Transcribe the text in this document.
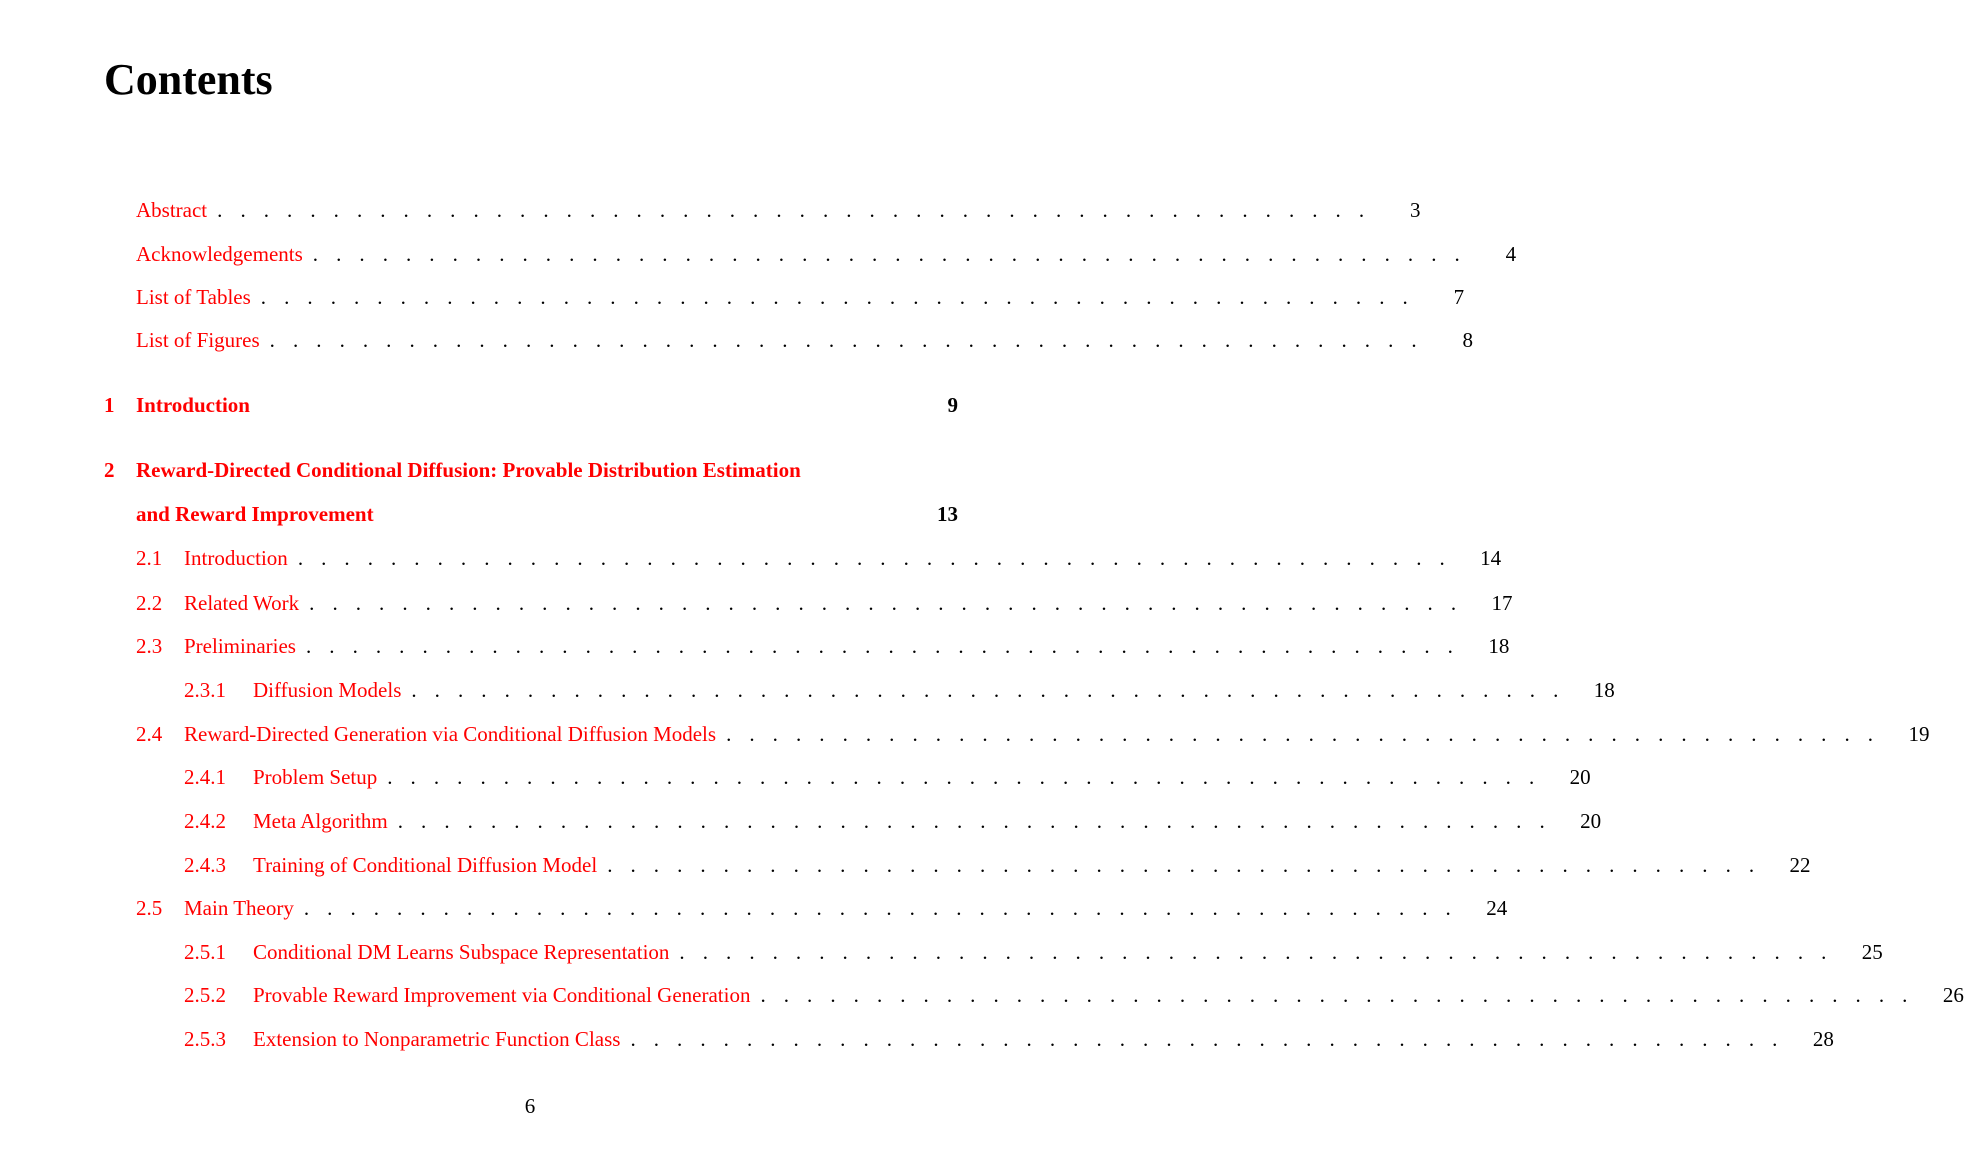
Contents
Abstract . . . . . . . . . . . . . . . . . . . . . . . . . . . . . . . . . . . . . . . . . . . . . . . . . .	3
Acknowledgements . . . . . . . . . . . . . . . . . . . . . . . . . . . . . . . . . . . . . . . . . . . . . . . . . .	4
List of Tables . . . . . . . . . . . . . . . . . . . . . . . . . . . . . . . . . . . . . . . . . . . . . . . . . .	7
List of Figures . . . . . . . . . . . . . . . . . . . . . . . . . . . . . . . . . . . . . . . . . . . . . . . . . .	8
1	Introduction	9
2	Reward-Directed Conditional Diffusion: Provable Distribution Estimation
and Reward Improvement	13
2.1	Introduction . . . . . . . . . . . . . . . . . . . . . . . . . . . . . . . . . . . . . . . . . . . . . . . . . . 14
2.2	Related Work . . . . . . . . . . . . . . . . . . . . . . . . . . . . . . . . . . . . . . . . . . . . . . . . . . 17
2.3	Preliminaries . . . . . . . . . . . . . . . . . . . . . . . . . . . . . . . . . . . . . . . . . . . . . . . . . . 18
2.3.1	Diffusion Models . . . . . . . . . . . . . . . . . . . . . . . . . . . . . . . . . . . . . . . . . . . . . . . . . . 18
2.4	Reward-Directed Generation via Conditional Diffusion Models . . . . . . . . . . . . . . . . . . . . . . . . . . . . . . . . . . . . . . . . . . . . . . . . . . 19
2.4.1	Problem Setup . . . . . . . . . . . . . . . . . . . . . . . . . . . . . . . . . . . . . . . . . . . . . . . . . . 20
2.4.2	Meta Algorithm . . . . . . . . . . . . . . . . . . . . . . . . . . . . . . . . . . . . . . . . . . . . . . . . . . 20
2.4.3	Training of Conditional Diffusion Model . . . . . . . . . . . . . . . . . . . . . . . . . . . . . . . . . . . . . . . . . . . . . . . . . . 22
2.5	Main Theory . . . . . . . . . . . . . . . . . . . . . . . . . . . . . . . . . . . . . . . . . . . . . . . . . . 24
2.5.1	Conditional DM Learns Subspace Representation . . . . . . . . . . . . . . . . . . . . . . . . . . . . . . . . . . . . . . . . . . . . . . . . . . 25
2.5.2	Provable Reward Improvement via Conditional Generation . . . . . . . . . . . . . . . . . . . . . . . . . . . . . . . . . . . . . . . . . . . . . . . . . . 26
2.5.3	Extension to Nonparametric Function Class . . . . . . . . . . . . . . . . . . . . . . . . . . . . . . . . . . . . . . . . . . . . . . . . . . 28
6
